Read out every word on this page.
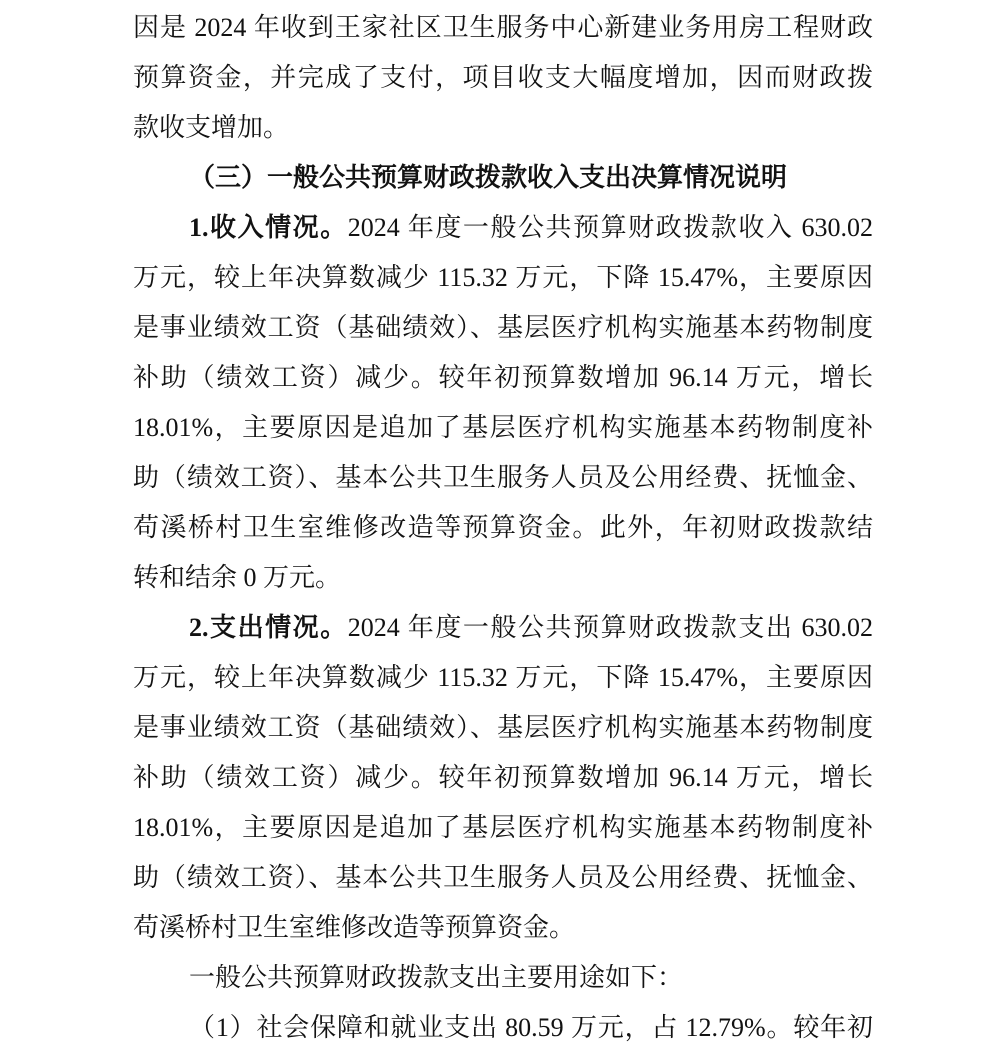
因是 2024 年收到王家社区卫生服务中心新建业务用房工程财政
预算资金，并完成了支付，项目收支大幅度增加，因而财政拨
款收支增加。
（三）一般公共预算财政拨款收入支出决算情况说明
1.收入情况。2024 年度一般公共预算财政拨款收入 630.02
万元，较上年决算数减少 115.32 万元，下降 15.47%，主要原因
是事业绩效工资（基础绩效）、基层医疗机构实施基本药物制度
补助（绩效工资）减少。较年初预算数增加 96.14 万元，增长
18.01%，主要原因是追加了基层医疗机构实施基本药物制度补
助（绩效工资）、基本公共卫生服务人员及公用经费、抚恤金、
苟溪桥村卫生室维修改造等预算资金。此外，年初财政拨款结
转和结余 0 万元。
2.支出情况。2024 年度一般公共预算财政拨款支出 630.02
万元，较上年决算数减少 115.32 万元，下降 15.47%，主要原因
是事业绩效工资（基础绩效）、基层医疗机构实施基本药物制度
补助（绩效工资）减少。较年初预算数增加 96.14 万元，增长
18.01%，主要原因是追加了基层医疗机构实施基本药物制度补
助（绩效工资）、基本公共卫生服务人员及公用经费、抚恤金、
苟溪桥村卫生室维修改造等预算资金。
一般公共预算财政拨款支出主要用途如下：
（1）社会保障和就业支出 80.59 万元，占 12.79%。较年初
